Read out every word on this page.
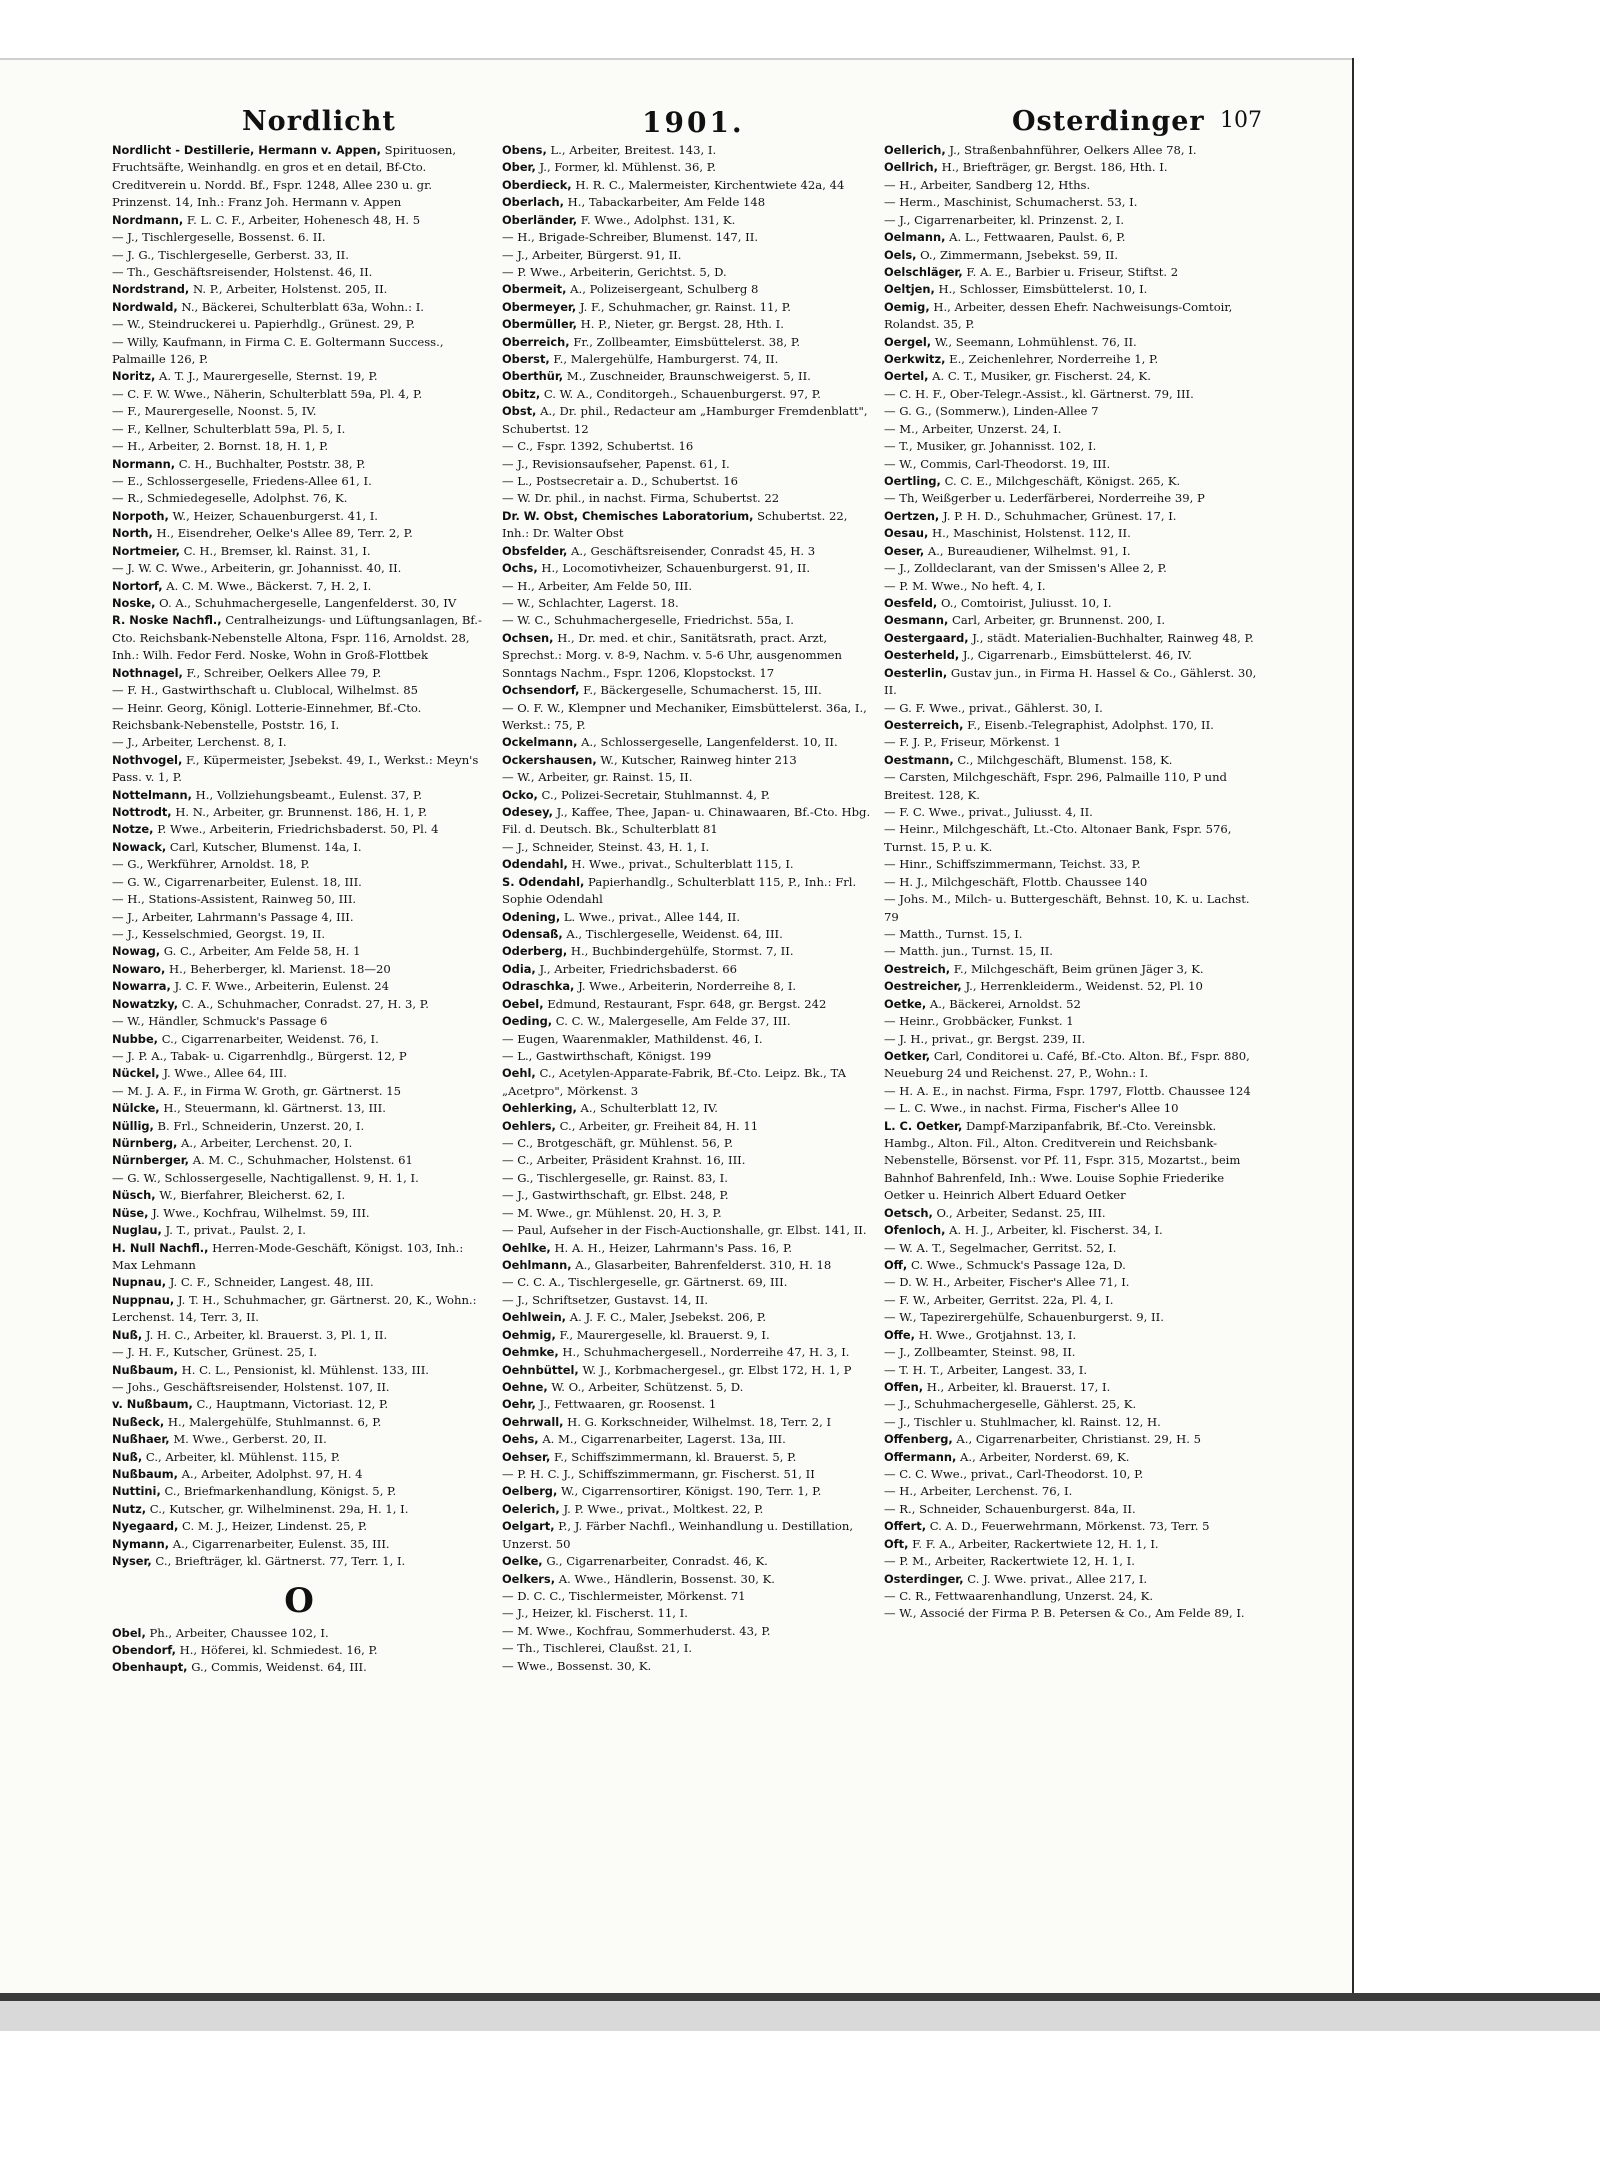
Nordlicht	1901.	Osterdinger 107

Nordlicht - Destillerie, Hermann v. Appen, Spirituosen, Fruchtsäfte, Weinhandlg. en gros et en detail, Bf-Cto. Creditverein u. Nordd. Bf., Fspr. 1248, Allee 230 u. gr. Prinzenst. 14, Inh.: Franz Joh. Hermann v. Appen

Nordmann, F. L. C. F., Arbeiter, Hohenesch 48, H. 5

— J., Tischlergeselle, Bossenst. 6. II.

— J. G., Tischlergeselle, Gerberst. 33, II.

— Th., Geschäftsreisender, Holstenst. 46, II.

Nordstrand, N. P., Arbeiter, Holstenst. 205, II.

Nordwald, N., Bäckerei, Schulterblatt 63a, Wohn.: I.

— W., Steindruckerei u. Papierhdlg., Grünest. 29, P.

— Willy, Kaufmann, in Firma C. E. Goltermann Success., Palmaille 126, P.

Noritz, A. T. J., Maurergeselle, Sternst. 19, P.

— C. F. W. Wwe., Näherin, Schulterblatt 59a, Pl. 4, P.

— F., Maurergeselle, Noonst. 5, IV.

— F., Kellner, Schulterblatt 59a, Pl. 5, I.

— H., Arbeiter, 2. Bornst. 18, H. 1, P.

Normann, C. H., Buchhalter, Poststr. 38, P.

— E., Schlossergeselle, Friedens-Allee 61, I.

— R., Schmiedegeselle, Adolphst. 76, K.

Norpoth, W., Heizer, Schauenburgerst. 41, I.

North, H., Eisendreher, Oelke's Allee 89, Terr. 2, P.

Nortmeier, C. H., Bremser, kl. Rainst. 31, I.

— J. W. C. Wwe., Arbeiterin, gr. Johannisst. 40, II.

Nortorf, A. C. M. Wwe., Bäckerst. 7, H. 2, I.

Noske, O. A., Schuhmachergeselle, Langenfelderst. 30, IV

R. Noske Nachfl., Centralheizungs- und Lüftungsanlagen, Bf.-Cto. Reichsbank-Nebenstelle Altona, Fspr. 116, Arnoldst. 28, Inh.: Wilh. Fedor Ferd. Noske, Wohn in Groß-Flottbek

Nothnagel, F., Schreiber, Oelkers Allee 79, P.

— F. H., Gastwirthschaft u. Clublocal, Wilhelmst. 85

— Heinr. Georg, Königl. Lotterie-Einnehmer, Bf.-Cto. Reichsbank-Nebenstelle, Poststr. 16, I.

— J., Arbeiter, Lerchenst. 8, I.

Nothvogel, F., Küpermeister, Jsebekst. 49, I., Werkst.: Meyn's Pass. v. 1, P.

Nottelmann, H., Vollziehungsbeamt., Eulenst. 37, P.

Nottrodt, H. N., Arbeiter, gr. Brunnenst. 186, H. 1, P.

Notze, P. Wwe., Arbeiterin, Friedrichsbaderst. 50, Pl. 4

Nowack, Carl, Kutscher, Blumenst. 14a, I.

— G., Werkführer, Arnoldst. 18, P.

— G. W., Cigarrenarbeiter, Eulenst. 18, III.

— H., Stations-Assistent, Rainweg 50, III.

— J., Arbeiter, Lahrmann's Passage 4, III.

— J., Kesselschmied, Georgst. 19, II.

Nowag, G. C., Arbeiter, Am Felde 58, H. 1

Nowaro, H., Beherberger, kl. Marienst. 18—20

Nowarra, J. C. F. Wwe., Arbeiterin, Eulenst. 24

Nowatzky, C. A., Schuhmacher, Conradst. 27, H. 3, P.

— W., Händler, Schmuck's Passage 6

Nubbe, C., Cigarrenarbeiter, Weidenst. 76, I.

— J. P. A., Tabak- u. Cigarrenhdlg., Bürgerst. 12, P

Nückel, J. Wwe., Allee 64, III.

— M. J. A. F., in Firma W. Groth, gr. Gärtnerst. 15

Nülcke, H., Steuermann, kl. Gärtnerst. 13, III.

Nüllig, B. Frl., Schneiderin, Unzerst. 20, I.

Nürnberg, A., Arbeiter, Lerchenst. 20, I.

Nürnberger, A. M. C., Schuhmacher, Holstenst. 61

— G. W., Schlossergeselle, Nachtigallenst. 9, H. 1, I.

Nüsch, W., Bierfahrer, Bleicherst. 62, I.

Nüse, J. Wwe., Kochfrau, Wilhelmst. 59, III.

Nuglau, J. T., privat., Paulst. 2, I.

H. Null Nachfl., Herren-Mode-Geschäft, Königst. 103, Inh.: Max Lehmann

Nupnau, J. C. F., Schneider, Langest. 48, III.

Nuppnau, J. T. H., Schuhmacher, gr. Gärtnerst. 20, K., Wohn.: Lerchenst. 14, Terr. 3, II.

Nuß, J. H. C., Arbeiter, kl. Brauerst. 3, Pl. 1, II.

— J. H. F., Kutscher, Grünest. 25, I.

Nußbaum, H. C. L., Pensionist, kl. Mühlenst. 133, III.

— Johs., Geschäftsreisender, Holstenst. 107, II.

v. Nußbaum, C., Hauptmann, Victoriast. 12, P.

Nußeck, H., Malergehülfe, Stuhlmannst. 6, P.

Nußhaer, M. Wwe., Gerberst. 20, II.

Nuß, C., Arbeiter, kl. Mühlenst. 115, P.

Nußbaum, A., Arbeiter, Adolphst. 97, H. 4

Nuttini, C., Briefmarkenhandlung, Königst. 5, P.

Nutz, C., Kutscher, gr. Wilhelminenst. 29a, H. 1, I.

Nyegaard, C. M. J., Heizer, Lindenst. 25, P.

Nymann, A., Cigarrenarbeiter, Eulenst. 35, III.

Nyser, C., Briefträger, kl. Gärtnerst. 77, Terr. 1, I.

O

Obel, Ph., Arbeiter, Chaussee 102, I.

Obendorf, H., Höferei, kl. Schmiedest. 16, P.

Obenhaupt, G., Commis, Weidenst. 64, III.

Obens, L., Arbeiter, Breitest. 143, I.

Ober, J., Former, kl. Mühlenst. 36, P.

Oberdieck, H. R. C., Malermeister, Kirchentwiete 42a, 44

Oberlach, H., Tabackarbeiter, Am Felde 148

Oberländer, F. Wwe., Adolphst. 131, K.

— H., Brigade-Schreiber, Blumenst. 147, II.

— J., Arbeiter, Bürgerst. 91, II.

— P. Wwe., Arbeiterin, Gerichtst. 5, D.

Obermeit, A., Polizeisergeant, Schulberg 8

Obermeyer, J. F., Schuhmacher, gr. Rainst. 11, P.

Obermüller, H. P., Nieter, gr. Bergst. 28, Hth. I.

Oberreich, Fr., Zollbeamter, Eimsbüttelerst. 38, P.

Oberst, F., Malergehülfe, Hamburgerst. 74, II.

Oberthür, M., Zuschneider, Braunschweigerst. 5, II.

Obitz, C. W. A., Conditorgeh., Schauenburgerst. 97, P.

Obst, A., Dr. phil., Redacteur am „Hamburger Fremdenblatt", Schubertst. 12

— C., Fspr. 1392, Schubertst. 16

— J., Revisionsaufseher, Papenst. 61, I.

— L., Postsecretair a. D., Schubertst. 16

— W. Dr. phil., in nachst. Firma, Schubertst. 22

Dr. W. Obst, Chemisches Laboratorium, Schubertst. 22, Inh.: Dr. Walter Obst

Obsfelder, A., Geschäftsreisender, Conradst 45, H. 3

Ochs, H., Locomotivheizer, Schauenburgerst. 91, II.

— H., Arbeiter, Am Felde 50, III.

— W., Schlachter, Lagerst. 18.

— W. C., Schuhmachergeselle, Friedrichst. 55a, I.

Ochsen, H., Dr. med. et chir., Sanitätsrath, pract. Arzt, Sprechst.: Morg. v. 8-9, Nachm. v. 5-6 Uhr, ausgenommen Sonntags Nachm., Fspr. 1206, Klopstockst. 17

Ochsendorf, F., Bäckergeselle, Schumacherst. 15, III.

— O. F. W., Klempner und Mechaniker, Eimsbüttelerst. 36a, I., Werkst.: 75, P.

Ockelmann, A., Schlossergeselle, Langenfelderst. 10, II.

Ockershausen, W., Kutscher, Rainweg hinter 213

— W., Arbeiter, gr. Rainst. 15, II.

Ocko, C., Polizei-Secretair, Stuhlmannst. 4, P.

Odesey, J., Kaffee, Thee, Japan- u. Chinawaaren, Bf.-Cto. Hbg. Fil. d. Deutsch. Bk., Schulterblatt 81

— J., Schneider, Steinst. 43, H. 1, I.

Odendahl, H. Wwe., privat., Schulterblatt 115, I.

S. Odendahl, Papierhandlg., Schulterblatt 115, P., Inh.: Frl. Sophie Odendahl

Odening, L. Wwe., privat., Allee 144, II.

Odensaß, A., Tischlergeselle, Weidenst. 64, III.

Oderberg, H., Buchbindergehülfe, Stormst. 7, II.

Odia, J., Arbeiter, Friedrichsbaderst. 66

Odraschka, J. Wwe., Arbeiterin, Norderreihe 8, I.

Oebel, Edmund, Restaurant, Fspr. 648, gr. Bergst. 242

Oeding, C. C. W., Malergeselle, Am Felde 37, III.

— Eugen, Waarenmakler, Mathildenst. 46, I.

— L., Gastwirthschaft, Königst. 199

Oehl, C., Acetylen-Apparate-Fabrik, Bf.-Cto. Leipz. Bk., TA „Acetpro", Mörkenst. 3

Oehlerking, A., Schulterblatt 12, IV.

Oehlers, C., Arbeiter, gr. Freiheit 84, H. 11

— C., Brotgeschäft, gr. Mühlenst. 56, P.

— C., Arbeiter, Präsident Krahnst. 16, III.

— G., Tischlergeselle, gr. Rainst. 83, I.

— J., Gastwirthschaft, gr. Elbst. 248, P.

— M. Wwe., gr. Mühlenst. 20, H. 3, P.

— Paul, Aufseher in der Fisch-Auctionshalle, gr. Elbst. 141, II.

Oehlke, H. A. H., Heizer, Lahrmann's Pass. 16, P.

Oehlmann, A., Glasarbeiter, Bahrenfelderst. 310, H. 18

— C. C. A., Tischlergeselle, gr. Gärtnerst. 69, III.

— J., Schriftsetzer, Gustavst. 14, II.

Oehlwein, A. J. F. C., Maler, Jsebekst. 206, P.

Oehmig, F., Maurergeselle, kl. Brauerst. 9, I.

Oehmke, H., Schuhmachergesell., Norderreihe 47, H. 3, I.

Oehnbüttel, W. J., Korbmachergesel., gr. Elbst 172, H. 1, P

Oehne, W. O., Arbeiter, Schützenst. 5, D.

Oehr, J., Fettwaaren, gr. Roosenst. 1

Oehrwall, H. G. Korkschneider, Wilhelmst. 18, Terr. 2, I

Oehs, A. M., Cigarrenarbeiter, Lagerst. 13a, III.

Oehser, F., Schiffszimmermann, kl. Brauerst. 5, P.

— P. H. C. J., Schiffszimmermann, gr. Fischerst. 51, II

Oelberg, W., Cigarrensortirer, Königst. 190, Terr. 1, P.

Oelerich, J. P. Wwe., privat., Moltkest. 22, P.

Oelgart, P., J. Färber Nachfl., Weinhandlung u. Destillation, Unzerst. 50

Oelke, G., Cigarrenarbeiter, Conradst. 46, K.

Oelkers, A. Wwe., Händlerin, Bossenst. 30, K.

— D. C. C., Tischlermeister, Mörkenst. 71

— J., Heizer, kl. Fischerst. 11, I.

— M. Wwe., Kochfrau, Sommerhuderst. 43, P.

— Th., Tischlerei, Claußst. 21, I.

— Wwe., Bossenst. 30, K.

Oellerich, J., Straßenbahnführer, Oelkers Allee 78, I.

Oellrich, H., Briefträger, gr. Bergst. 186, Hth. I.

— H., Arbeiter, Sandberg 12, Hths.

— Herm., Maschinist, Schumacherst. 53, I.

— J., Cigarrenarbeiter, kl. Prinzenst. 2, I.

Oelmann, A. L., Fettwaaren, Paulst. 6, P.

Oels, O., Zimmermann, Jsebekst. 59, II.

Oelschläger, F. A. E., Barbier u. Friseur, Stiftst. 2

Oeltjen, H., Schlosser, Eimsbüttelerst. 10, I.

Oemig, H., Arbeiter, dessen Ehefr. Nachweisungs-Comtoir, Rolandst. 35, P.

Oergel, W., Seemann, Lohmühlenst. 76, II.

Oerkwitz, E., Zeichenlehrer, Norderreihe 1, P.

Oertel, A. C. T., Musiker, gr. Fischerst. 24, K.

— C. H. F., Ober-Telegr.-Assist., kl. Gärtnerst. 79, III.

— G. G., (Sommerw.), Linden-Allee 7

— M., Arbeiter, Unzerst. 24, I.

— T., Musiker, gr. Johannisst. 102, I.

— W., Commis, Carl-Theodorst. 19, III.

Oertling, C. C. E., Milchgeschäft, Königst. 265, K.

— Th, Weißgerber u. Lederfärberei, Norderreihe 39, P

Oertzen, J. P. H. D., Schuhmacher, Grünest. 17, I.

Oesau, H., Maschinist, Holstenst. 112, II.

Oeser, A., Bureaudiener, Wilhelmst. 91, I.

— J., Zolldeclarant, van der Smissen's Allee 2, P.

— P. M. Wwe., No heft. 4, I.

Oesfeld, O., Comtoirist, Juliusst. 10, I.

Oesmann, Carl, Arbeiter, gr. Brunnenst. 200, I.

Oestergaard, J., städt. Materialien-Buchhalter, Rainweg 48, P.

Oesterheld, J., Cigarrenarb., Eimsbüttelerst. 46, IV.

Oesterlin, Gustav jun., in Firma H. Hassel & Co., Gählerst. 30, II.

— G. F. Wwe., privat., Gählerst. 30, I.

Oesterreich, F., Eisenb.-Telegraphist, Adolphst. 170, II.

— F. J. P., Friseur, Mörkenst. 1

Oestmann, C., Milchgeschäft, Blumenst. 158, K.

— Carsten, Milchgeschäft, Fspr. 296, Palmaille 110, P und Breitest. 128, K.

— F. C. Wwe., privat., Juliusst. 4, II.

— Heinr., Milchgeschäft, Lt.-Cto. Altonaer Bank, Fspr. 576, Turnst. 15, P. u. K.

— Hinr., Schiffszimmermann, Teichst. 33, P.

— H. J., Milchgeschäft, Flottb. Chaussee 140

— Johs. M., Milch- u. Buttergeschäft, Behnst. 10, K. u. Lachst. 79

— Matth., Turnst. 15, I.

— Matth. jun., Turnst. 15, II.

Oestreich, F., Milchgeschäft, Beim grünen Jäger 3, K.

Oestreicher, J., Herrenkleiderm., Weidenst. 52, Pl. 10

Oetke, A., Bäckerei, Arnoldst. 52

— Heinr., Grobbäcker, Funkst. 1

— J. H., privat., gr. Bergst. 239, II.

Oetker, Carl, Conditorei u. Café, Bf.-Cto. Alton. Bf., Fspr. 880, Neueburg 24 und Reichenst. 27, P., Wohn.: I.

— H. A. E., in nachst. Firma, Fspr. 1797, Flottb. Chaussee 124

— L. C. Wwe., in nachst. Firma, Fischer's Allee 10

L. C. Oetker, Dampf-Marzipanfabrik, Bf.-Cto. Vereinsbk. Hambg., Alton. Fil., Alton. Creditverein und Reichsbank-Nebenstelle, Börsenst. vor Pf. 11, Fspr. 315, Mozartst., beim Bahnhof Bahrenfeld, Inh.: Wwe. Louise Sophie Friederike Oetker u. Heinrich Albert Eduard Oetker

Oetsch, O., Arbeiter, Sedanst. 25, III.

Ofenloch, A. H. J., Arbeiter, kl. Fischerst. 34, I.

— W. A. T., Segelmacher, Gerritst. 52, I.

Off, C. Wwe., Schmuck's Passage 12a, D.

— D. W. H., Arbeiter, Fischer's Allee 71, I.

— F. W., Arbeiter, Gerritst. 22a, Pl. 4, I.

— W., Tapezirergehülfe, Schauenburgerst. 9, II.

Offe, H. Wwe., Grotjahnst. 13, I.

— J., Zollbeamter, Steinst. 98, II.

— T. H. T., Arbeiter, Langest. 33, I.

Offen, H., Arbeiter, kl. Brauerst. 17, I.

— J., Schuhmachergeselle, Gählerst. 25, K.

— J., Tischler u. Stuhlmacher, kl. Rainst. 12, H.

Offenberg, A., Cigarrenarbeiter, Christianst. 29, H. 5

Offermann, A., Arbeiter, Norderst. 69, K.

— C. C. Wwe., privat., Carl-Theodorst. 10, P.

— H., Arbeiter, Lerchenst. 76, I.

— R., Schneider, Schauenburgerst. 84a, II.

Offert, C. A. D., Feuerwehrmann, Mörkenst. 73, Terr. 5

Oft, F. F. A., Arbeiter, Rackertwiete 12, H. 1, I.

— P. M., Arbeiter, Rackertwiete 12, H. 1, I.

Osterdinger, C. J. Wwe. privat., Allee 217, I.

— C. R., Fettwaarenhandlung, Unzerst. 24, K.

— W., Associé der Firma P. B. Petersen & Co., Am Felde 89, I.
